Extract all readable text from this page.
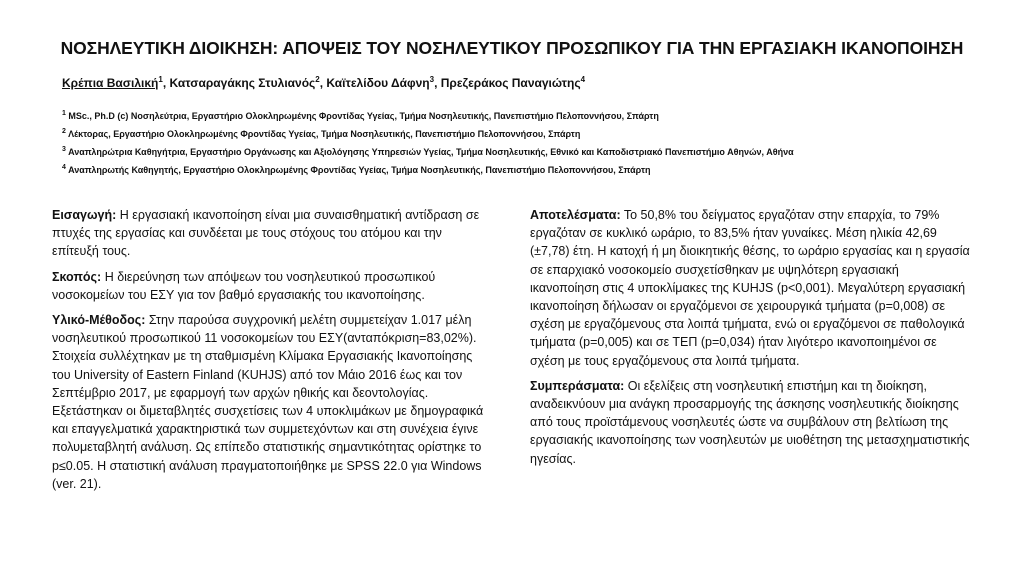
ΝΟΣΗΛΕΥΤΙΚΗ ΔΙΟΙΚΗΣΗ: ΑΠΟΨΕΙΣ ΤΟΥ ΝΟΣΗΛΕΥΤΙΚΟΥ ΠΡΟΣΩΠΙΚΟΥ ΓΙΑ ΤΗΝ ΕΡΓΑΣΙΑΚΗ ΙΚΑΝΟΠΟΙΗΣΗ
Κρέπια Βασιλική$^1$, Κατσαραγάκης Στυλιανός$^2$, Καϊτελίδου Δάφνη$^3$, Πρεζεράκος Παναγιώτης$^4$
$^1$ MSc., Ph.D (c) Νοσηλεύτρια, Εργαστήριο Ολοκληρωμένης Φροντίδας Υγείας, Τμήμα Νοσηλευτικής, Πανεπιστήμιο Πελοποννήσου, Σπάρτη
$^2$ Λέκτορας, Εργαστήριο Ολοκληρωμένης Φροντίδας Υγείας, Τμήμα Νοσηλευτικής, Πανεπιστήμιο Πελοποννήσου, Σπάρτη
$^3$ Αναπληρώτρια Καθηγήτρια, Εργαστήριο Οργάνωσης και Αξιολόγησης Υπηρεσιών Υγείας, Τμήμα Νοσηλευτικής, Εθνικό και Καποδιστριακό Πανεπιστήμιο Αθηνών, Αθήνα
$^4$ Αναπληρωτής Καθηγητής, Εργαστήριο Ολοκληρωμένης Φροντίδας Υγείας, Τμήμα Νοσηλευτικής, Πανεπιστήμιο Πελοποννήσου, Σπάρτη

Εισαγωγή: Η εργασιακή ικανοποίηση είναι μια συναισθηματική αντίδραση σε πτυχές της εργασίας και συνδέεται με τους στόχους του ατόμου και την επίτευξή τους.

Σκοπός: Η διερεύνηση των απόψεων του νοσηλευτικού προσωπικού νοσοκομείων του ΕΣΥ για τον βαθμό εργασιακής του ικανοποίησης.

Υλικό-Μέθοδος: Στην παρούσα συγχρονική μελέτη συμμετείχαν 1.017 μέλη νοσηλευτικού προσωπικού 11 νοσοκομείων του ΕΣΥ(ανταπόκριση=83,02%). Στοιχεία συλλέχτηκαν με τη σταθμισμένη Κλίμακα Εργασιακής Ικανοποίησης του University of Eastern Finland (KUHJS) από τον Μάιο 2016 έως και τον Σεπτέμβριο 2017, με εφαρμογή των αρχών ηθικής και δεοντολογίας. Εξετάστηκαν οι διμεταβλητές συσχετίσεις των 4 υποκλιμάκων με δημογραφικά και επαγγελματικά χαρακτηριστικά των συμμετεχόντων και στη συνέχεια έγινε πολυμεταβλητή ανάλυση. Ως επίπεδο στατιστικής σημαντικότητας ορίστηκε το p≤0.05. Η στατιστική ανάλυση πραγματοποιήθηκε με SPSS 22.0 για Windows (ver. 21).

Αποτελέσματα: Το 50,8% του δείγματος εργαζόταν στην επαρχία, το 79% εργαζόταν σε κυκλικό ωράριο, το 83,5% ήταν γυναίκες. Μέση ηλικία 42,69 (±7,78) έτη. Η κατοχή ή μη διοικητικής θέσης, το ωράριο εργασίας και η εργασία σε επαρχιακό νοσοκομείο συσχετίσθηκαν με υψηλότερη εργασιακή ικανοποίηση στις 4 υποκλίμακες της KUHJS (p<0,001). Μεγαλύτερη εργασιακή ικανοποίηση δήλωσαν οι εργαζόμενοι σε χειρουργικά τμήματα (p=0,008) σε σχέση με εργαζόμενους στα λοιπά τμήματα, ενώ οι εργαζόμενοι σε παθολογικά τμήματα (p=0,005) και σε ΤΕΠ (p=0,034) ήταν λιγότερο ικανοποιημένοι σε σχέση με τους εργαζόμενους στα λοιπά τμήματα.

Συμπεράσματα: Οι εξελίξεις στη νοσηλευτική επιστήμη και τη διοίκηση, αναδεικνύουν μια ανάγκη προσαρμογής της άσκησης νοσηλευτικής διοίκησης από τους προϊστάμενους νοσηλευτές ώστε να συμβάλουν στη βελτίωση της εργασιακής ικανοποίησης των νοσηλευτών με υιοθέτηση της μετασχηματιστικής ηγεσίας.
